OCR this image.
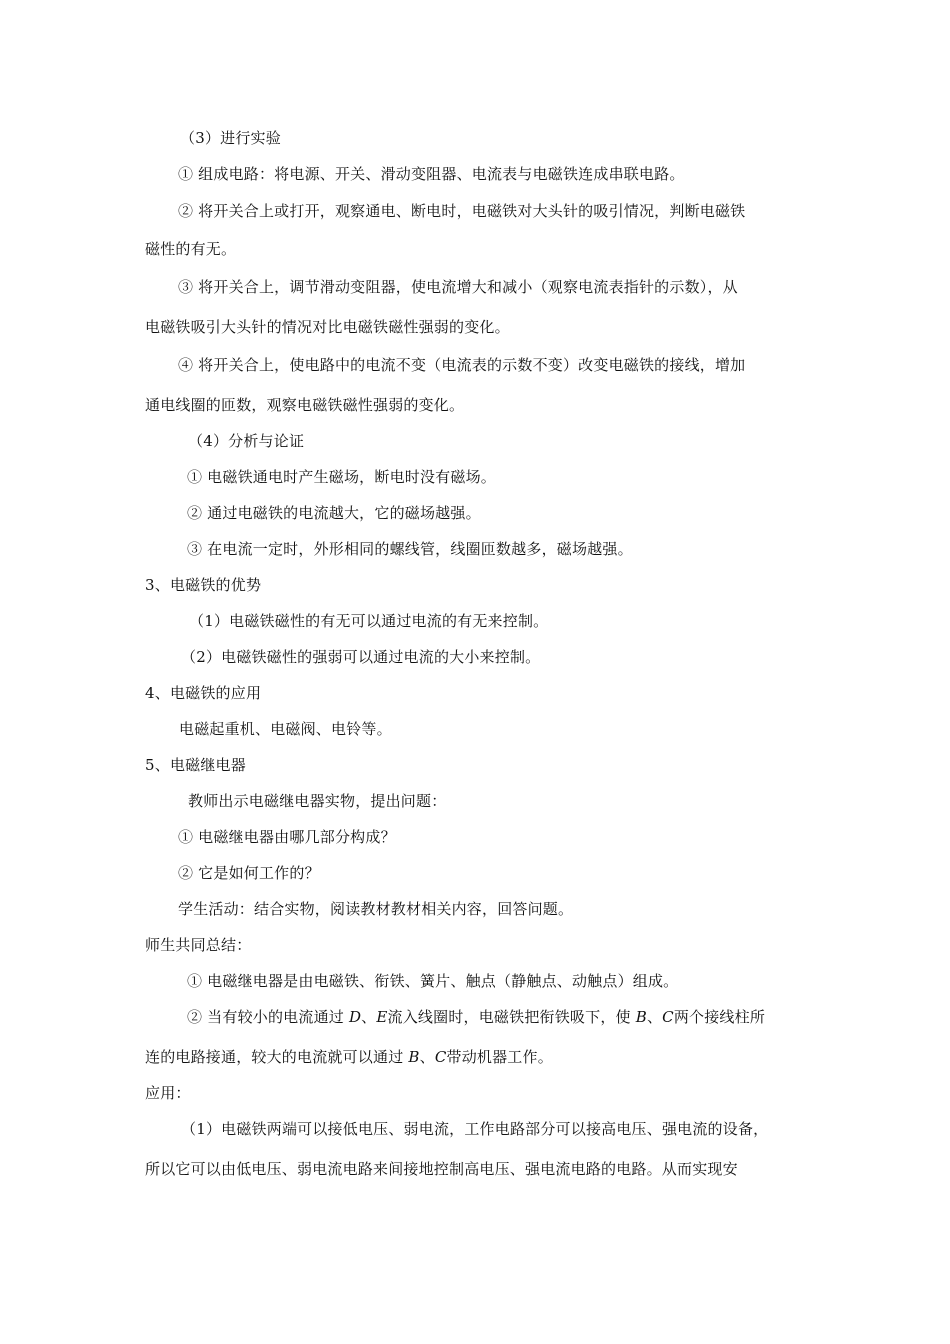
（3）进行实验
① 组成电路：将电源、开关、滑动变阻器、电流表与电磁铁连成串联电路。
② 将开关合上或打开，观察通电、断电时，电磁铁对大头针的吸引情况，判断电磁铁
磁性的有无。
③ 将开关合上，调节滑动变阻器，使电流增大和减小（观察电流表指针的示数），从
电磁铁吸引大头针的情况对比电磁铁磁性强弱的变化。
④ 将开关合上，使电路中的电流不变（电流表的示数不变）改变电磁铁的接线，增加
通电线圈的匝数，观察电磁铁磁性强弱的变化。
（4）分析与论证
① 电磁铁通电时产生磁场，断电时没有磁场。
② 通过电磁铁的电流越大，它的磁场越强。
③ 在电流一定时，外形相同的螺线管，线圈匝数越多，磁场越强。
3、电磁铁的优势
（1）电磁铁磁性的有无可以通过电流的有无来控制。
（2）电磁铁磁性的强弱可以通过电流的大小来控制。
4、电磁铁的应用
电磁起重机、电磁阀、电铃等。
5、电磁继电器
教师出示电磁继电器实物，提出问题：
① 电磁继电器由哪几部分构成？
② 它是如何工作的？
学生活动：结合实物，阅读教材教材相关内容，回答问题。
师生共同总结：
① 电磁继电器是由电磁铁、衔铁、簧片、触点（静触点、动触点）组成。
② 当有较小的电流通过 D、E流入线圈时，电磁铁把衔铁吸下，使 B、C两个接线柱所
连的电路接通，较大的电流就可以通过 B、C带动机器工作。
应用：
（1）电磁铁两端可以接低电压、弱电流，工作电路部分可以接高电压、强电流的设备，
所以它可以由低电压、弱电流电路来间接地控制高电压、强电流电路的电路。从而实现安
